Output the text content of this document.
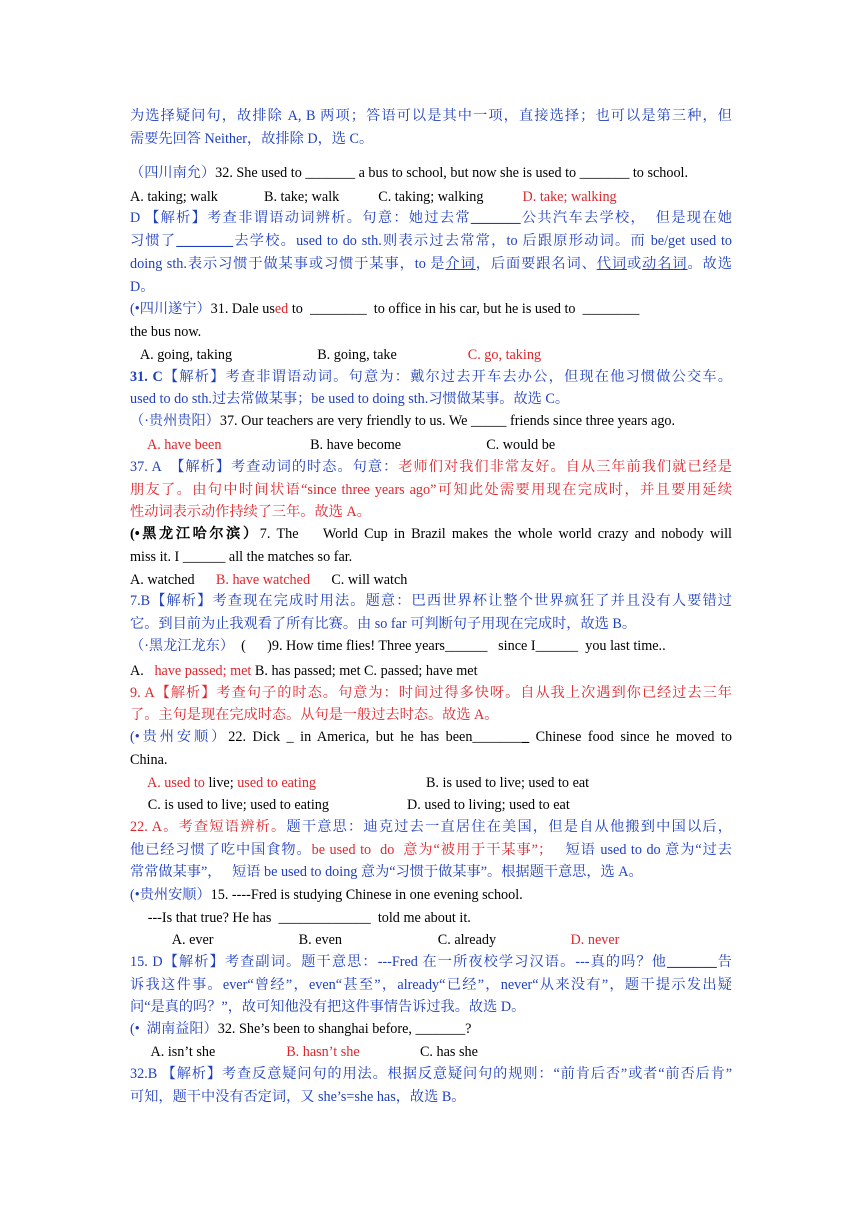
为选择疑问句，故排除 A, B 两项；答语可以是其中一项，直接选择；也可以是第三种，但
需要先回答 Neither，故排除 D，选 C。
（四川南允）32. She used to _______ a bus to school, but now she is used to _______ to school.
A. taking; walk             B. take; walk           C. taking; walking           D. take; walking
D 【解析】考查非谓语动词辨析。句意：她过去常_______公共汽车去学校，  但是现在她
习惯了________去学校。used to do sth.则表示过去常常，to 后跟原形动词。而 be/get used to
doing sth.表示习惯于做某事或习惯于某事，to 是介词，后面要跟名词、代词或动名词。故选
D。
(•四川遂宁）31. Dale used to  ________  to office in his car, but he is used to  ________
the bus now.
A. going, taking                        B. going, take                    C. go, taking
31. C【解析】考查非谓语动词。句意为：戴尔过去开车去办公，但现在他习惯做公交车。
used to do sth.过去常做某事；be used to doing sth.习惯做某事。故选 C。
（·贵州贵阳）37. Our teachers are very friendly to us. We _____ friends since three years ago.
A. have been                         B. have become                        C. would be
37. A  【解析】考查动词的时态。句意：老师们对我们非常友好。自从三年前我们就已经是
朋友了。由句中时间状语“since three years ago”可知此处需要用现在完成时，并且要用延续
性动词表示动作持续了三年。故选 A。
(•黑龙江哈尔滨）7. The    World Cup in Brazil makes the whole world crazy and nobody will
miss it. I ______ all the matches so far.
A. watched      B. have watched      C. will watch
7.B【解析】考查现在完成时用法。题意：巴西世界杯让整个世界疯狂了并且没有人要错过
它。到目前为止我观看了所有比赛。由 so far 可判断句子用现在完成时，故选 B。
（·黑龙江龙东）  (      )9. How time flies! Three years______   since I______  you last time..
A.   have passed; met B. has passed; met C. passed; have met
9. A【解析】考查句子的时态。句意为：时间过得多快呀。自从我上次遇到你已经过去三年
了。主句是现在完成时态。从句是一般过去时态。故选 A。
(•贵州安顺）22. Dick _ in America, but he has been________ Chinese food since he moved to
China.
A. used to live; used to eating                               B. is used to live; used to eat
C. is used to live; used to eating                      D. used to living; used to eat
22. A。考查短语辨析。题干意思：迪克过去一直居住在美国，但是自从他搬到中国以后，
他已经习惯了吃中国食物。be used to  do  意为“被用于干某事”；   短语 used to do 意为“过去
常常做某事”，   短语 be used to doing 意为“习惯于做某事”。根据题干意思，选 A。
(•贵州安顺）15. ----Fred is studying Chinese in one evening school.
---Is that true? He has  _____________  told me about it.
A. ever                        B. even                           C. already                     D. never
15. D【解析】考查副词。题干意思：---Fred 在一所夜校学习汉语。---真的吗？他_______告
诉我这件事。ever“曾经”，even“甚至”，already“已经”，never“从来没有”，题干提示发出疑
问“是真的吗？”，故可知他没有把这件事情告诉过我。故选 D。
(•  湖南益阳）32. She’s been to shanghai before, _______?
A. isn’t she                    B. hasn’t she                 C. has she
32.B 【解析】考查反意疑问句的用法。根据反意疑问句的规则：“前肯后否”或者“前否后肯”
可知，题干中没有否定词，又 she’s=she has，故选 B。
